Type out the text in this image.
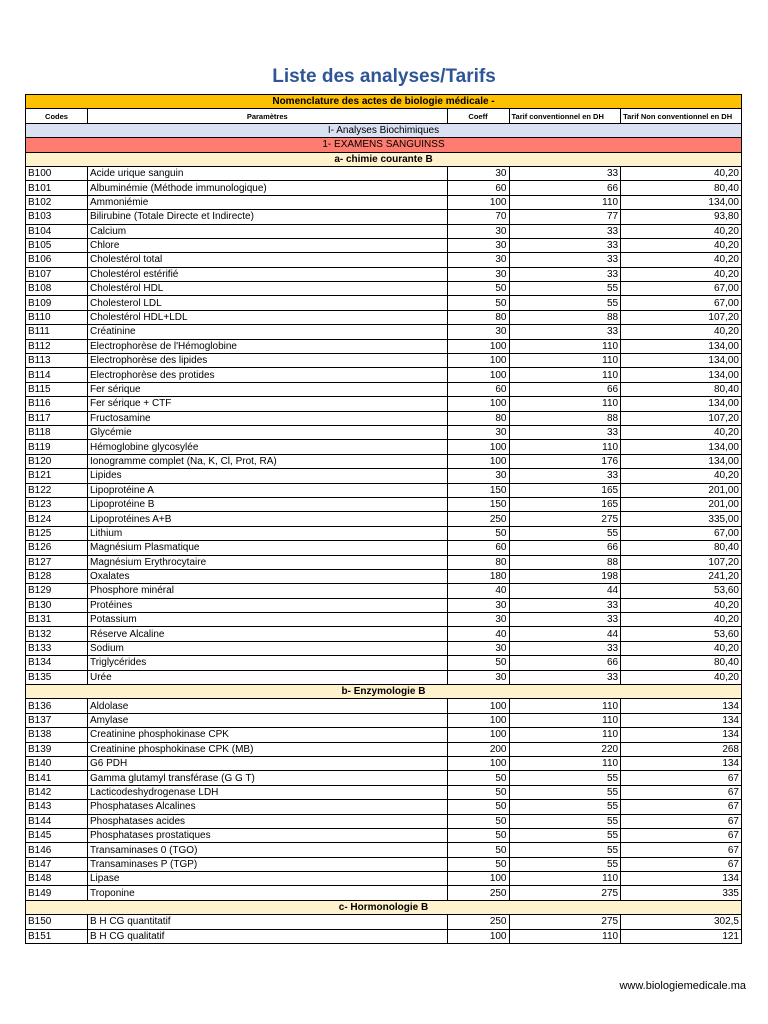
Liste des analyses/Tarifs
Nomenclature des actes de biologie médicale -				
Codes	Paramètres	Coeff	Tarif conventionnel en DH	Tarif Non conventionnel en DH
I- Analyses Biochimiques				
1- EXAMENS SANGUINSS				
a- chimie courante B				
B100	Acide urique sanguin	30	33	40,20
B101	Albuminémie (Méthode immunologique)	60	66	80,40
B102	Ammoniémie	100	110	134,00
B103	Bilirubine (Totale Directe et Indirecte)	70	77	93,80
B104	Calcium	30	33	40,20
B105	Chlore	30	33	40,20
B106	Cholestérol total	30	33	40,20
B107	Cholestérol estérifié	30	33	40,20
B108	Cholestérol HDL	50	55	67,00
B109	Cholesterol LDL	50	55	67,00
B110	Cholestérol HDL+LDL	80	88	107,20
B111	Créatinine	30	33	40,20
B112	Electrophorèse de l'Hémoglobine	100	110	134,00
B113	Electrophorèse des lipides	100	110	134,00
B114	Electrophorèse des protides	100	110	134,00
B115	Fer sérique	60	66	80,40
B116	Fer sérique + CTF	100	110	134,00
B117	Fructosamine	80	88	107,20
B118	Glycémie	30	33	40,20
B119	Hémoglobine glycosylée	100	110	134,00
B120	Ionogramme complet (Na, K, Cl, Prot, RA)	100	176	134,00
B121	Lipides	30	33	40,20
B122	Lipoprotéine A	150	165	201,00
B123	Lipoprotéine B	150	165	201,00
B124	Lipoprotéines A+B	250	275	335,00
B125	Lithium	50	55	67,00
B126	Magnésium Plasmatique	60	66	80,40
B127	Magnésium Erythrocytaire	80	88	107,20
B128	Oxalates	180	198	241,20
B129	Phosphore minéral	40	44	53,60
B130	Protéines	30	33	40,20
B131	Potassium	30	33	40,20
B132	Réserve Alcaline	40	44	53,60
B133	Sodium	30	33	40,20
B134	Triglycérides	50	66	80,40
B135	Urée	30	33	40,20
b- Enzymologie B				
B136	Aldolase	100	110	134
B137	Amylase	100	110	134
B138	Creatinine phosphokinase CPK	100	110	134
B139	Creatinine phosphokinase CPK (MB)	200	220	268
B140	G6 PDH	100	110	134
B141	Gamma glutamyl transférase (G G T)	50	55	67
B142	Lacticodeshydrogenase LDH	50	55	67
B143	Phosphatases Alcalines	50	55	67
B144	Phosphatases acides	50	55	67
B145	Phosphatases prostatiques	50	55	67
B146	Transaminases 0 (TGO)	50	55	67
B147	Transaminases P (TGP)	50	55	67
B148	Lipase	100	110	134
B149	Troponine	250	275	335
c- Hormonologie B				
B150	B H CG quantitatif	250	275	302,5
B151	B H CG qualitatif	100	110	121
www.biologiemedicale.ma
